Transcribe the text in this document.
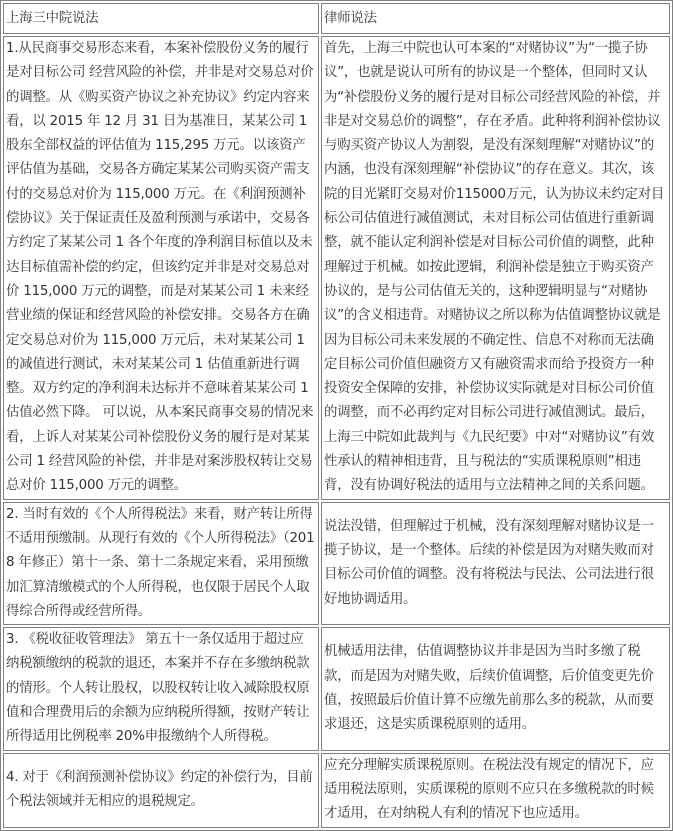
上海三中院说法	律师说法
1.从民商事交易形态来看，本案补偿股份义务的履行是对目标公司 经营风险的补偿，并非是对交易总对价的调整。从《购买资产协议之补充协议》约定内容来看，以 2015 年 12 月 31 日为基准日，某某公司 1 股东全部权益的评估值为 115,295 万元。以该资产评估值为基础，交易各方确定某某公司购买资产需支付的交易总对价为 115,000 万元。在《利润预测补偿协议》关于保证责任及盈利预测与承诺中，交易各方约定了某某公司 1 各个年度的净利润目标值以及未达目标值需补偿的约定，但该约定并非是对交易总对价 115,000 万元的调整，而是对某某公司 1 未来经营业绩的保证和经营风险的补偿安排。交易各方在确定交易总对价为 115,000 万元后，未对某某公司 1 的减值进行测试，未对某某公司 1 估值重新进行调整。双方约定的净利润未达标并不意味着某某公司 1 估值必然下降。 可以说，从本案民商事交易的情况来看，上诉人对某某公司补偿股份义务的履行是对某某公司 1 经营风险的补偿，并非是对案涉股权转让交易总对价 115,000 万元的调整。	首先，上海三中院也认可本案的“对赌协议”为“一揽子协议”，也就是说认可所有的协议是一个整体，但同时又认为“补偿股份义务的履行是对目标公司经营风险的补偿，并非是对交易总价的调整”，存在矛盾。此种将利润补偿协议与购买资产协议人为割裂，是没有深刻理解“对赌协议”的内涵，也没有深刻理解“补偿协议”的存在意义。其次，该院的目光紧盯交易对价115000万元，认为协议未约定对目标公司估值进行减值测试，未对目标公司估值进行重新调整，就不能认定利润补偿是对目标公司价值的调整，此种理解过于机械。如按此逻辑，利润补偿是独立于购买资产协议的，是与公司估值无关的，这种逻辑明显与“对赌协议”的含义相违背。对赌协议之所以称为估值调整协议就是因为目标公司未来发展的不确定性、信息不对称而无法确定目标公司价值但融资方又有融资需求而给予投资方一种投资安全保障的安排，补偿协议实际就是对目标公司价值的调整，而不必再约定对目标公司进行减值测试。最后，上海三中院如此裁判与《九民纪要》中对“对赌协议”有效性承认的精神相违背，且与税法的“实质课税原则”相违背，没有协调好税法的适用与立法精神之间的关系问题。
2. 当时有效的《个人所得税法》来看，财产转让所得不适用预缴制。从现行有效的《个人所得税法》（2018 年修正）第十一条、第十二条规定来看，采用预缴加汇算清缴模式的个人所得税，也仅限于居民个人取得综合所得或经营所得。	说法没错，但理解过于机械，没有深刻理解对赌协议是一揽子协议，是一个整体。后续的补偿是因为对赌失败而对目标公司价值的调整。没有将税法与民法、公司法进行很好地协调适用。
3. 《税收征收管理法》 第五十一条仅适用于超过应纳税额缴纳的税款的退还，本案并不存在多缴纳税款的情形。个人转让股权，以股权转让收入减除股权原值和合理费用后的余额为应纳税所得额，按财产转让所得适用比例税率 20%申报缴纳个人所得税。	机械适用法律，估值调整协议并非是因为当时多缴了税款，而是因为对赌失败，后续价值调整，后价值变更先价值，按照最后价值计算不应缴先前那么多的税款，从而要求退还，这是实质课税原则的适用。
4. 对于《利润预测补偿协议》约定的补偿行为，目前个税法领域并无相应的退税规定。	应充分理解实质课税原则。在税法没有规定的情况下，应适用税法原则，实质课税的原则不应只在多缴税款的时候才适用，在对纳税人有利的情况下也应适用。
